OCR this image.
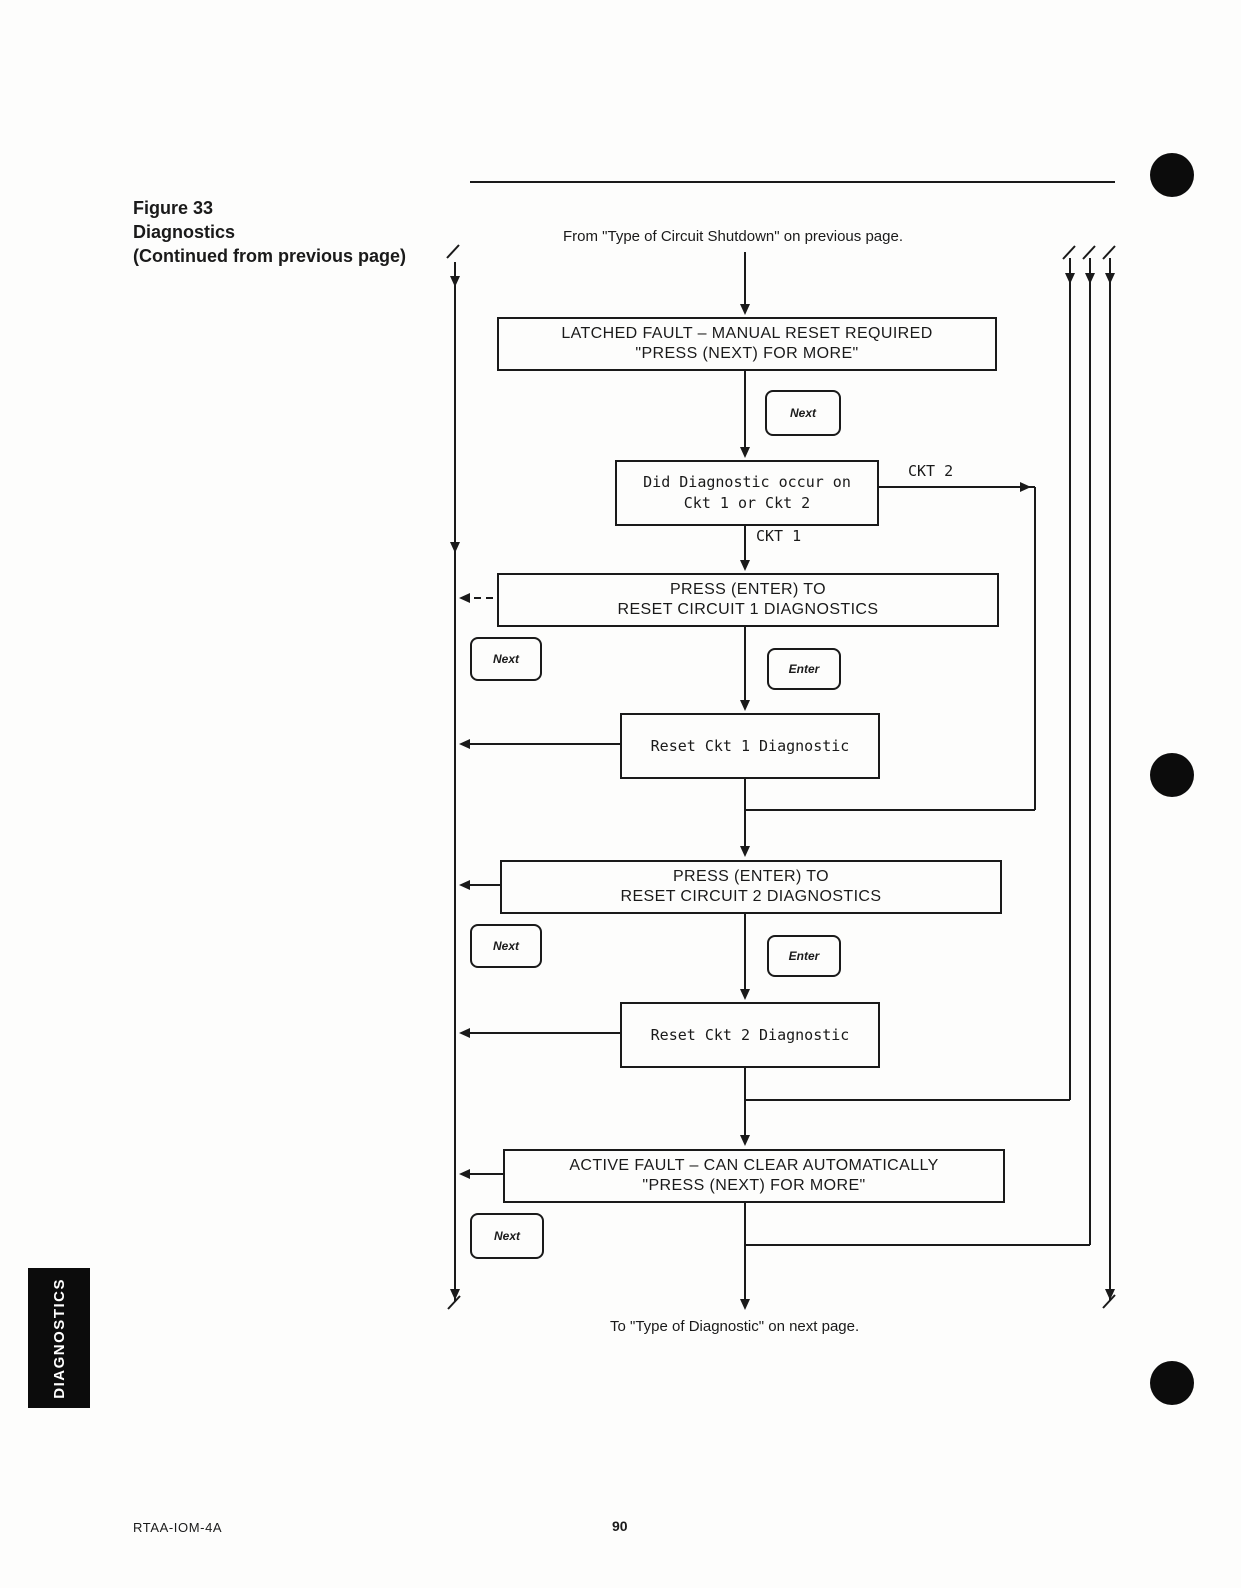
Figure 33
Diagnostics
(Continued from previous page)
From "Type of Circuit Shutdown" on previous page.
To "Type of Diagnostic" on next page.
LATCHED FAULT – MANUAL RESET REQUIRED
"PRESS (NEXT) FOR MORE"
Next
Did Diagnostic occur on
Ckt 1 or Ckt 2
CKT 2
CKT 1
PRESS (ENTER) TO
RESET CIRCUIT 1 DIAGNOSTICS
Next
Enter
Reset Ckt 1 Diagnostic
PRESS (ENTER) TO
RESET CIRCUIT 2 DIAGNOSTICS
Next
Enter
Reset Ckt 2 Diagnostic
ACTIVE FAULT – CAN CLEAR AUTOMATICALLY
"PRESS (NEXT) FOR MORE"
Next
DIAGNOSTICS
RTAA-IOM-4A	90
